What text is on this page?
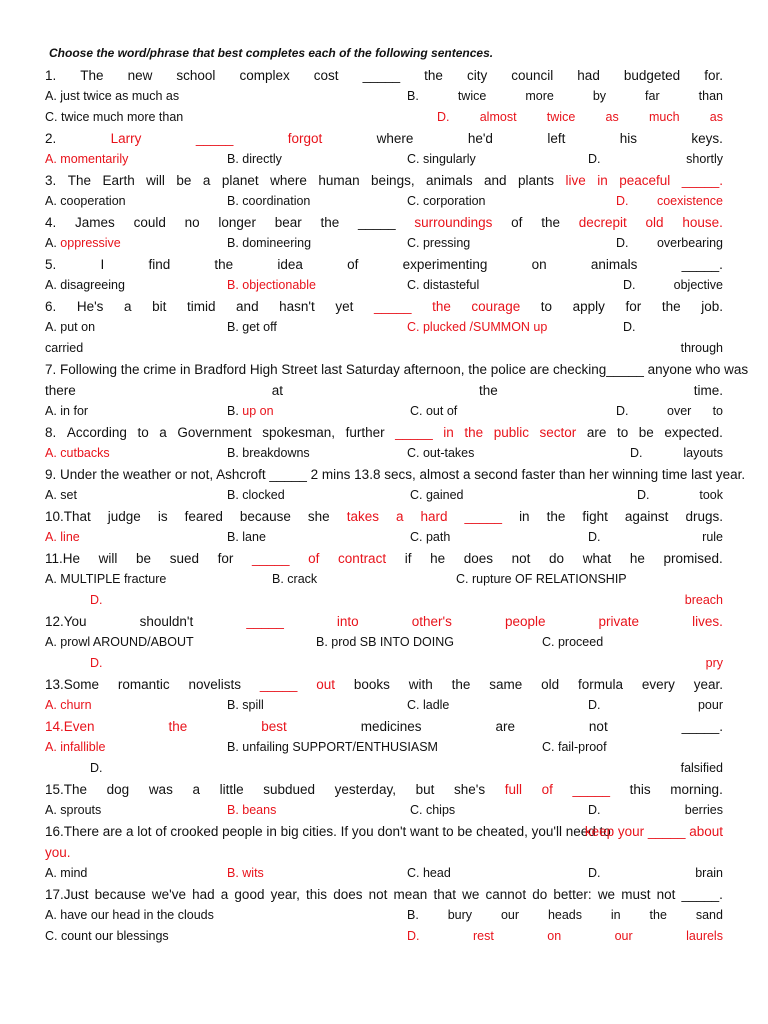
Choose the word/phrase that best completes each of the following sentences.
1. The new school complex cost _____ the city council had budgeted for.
A. just twice as much as	B.	twice	more	by	far	than
C. twice much more than	D. almost twice as much as
2.	Larry	_____	forgot	where	he'd	left	his	keys.
A. momentarily	B. directly	C. singularly	D.	shortly
3. The Earth will be a planet where human beings, animals and plants live in peaceful _____.
A. cooperation	B. coordination	C. corporation	D. coexistence
4. James could no longer bear the _____ surroundings of the decrepit old house.
A. oppressive	B. domineering	C. pressing	D. overbearing
5.	I	find	the	idea	of	experimenting	on	animals	_____.
A. disagreeing	B. objectionable	C. distasteful	D.	objective
6. He's a bit timid and hasn't yet _____ the courage to apply for the job.
A. put on	B. get off	C. plucked /SUMMON up	D.
carried	through
7. Following the crime in Bradford High Street last Saturday afternoon, the police are checking_____ anyone who was
there	at	the	time.
A. in for	B. up on	C. out of	D.	over to
8. According to a Government spokesman, further _____ in the public sector are to be expected.
A. cutbacks	B. breakdowns	C. out-takes	D.	layouts
9. Under the weather or not, Ashcroft _____ 2 mins 13.8 secs, almost a second faster than her winning time last year.
A. set	B. clocked	C. gained	D.	took
10.That judge is feared because she takes a hard _____ in the fight against drugs.
A. line	B. lane	C. path	D.	rule
11.He will be sued for _____ of contract if he does not do what he promised.
A. MULTIPLE fracture	B. crack	C. rupture OF RELATIONSHIP
D.	breach
12.You	shouldn't	_____	into	other's	people	private	lives.
A. prowl AROUND/ABOUT	B. prod SB INTO DOING	C. proceed
D.	pry
13.Some romantic novelists _____ out books with the same old formula every year.
A. churn	B. spill	C. ladle	D.	pour
14.Even	the	best	medicines	are	not	_____.
A. infallible	B. unfailing SUPPORT/ENTHUSIASM	C. fail-proof
D.	falsified
15.The dog was a little subdued yesterday, but she's full of _____ this morning.
A. sprouts	B. beans	C. chips	D.	berries
16.There are a lot of crooked people in big cities. If you don't want to be cheated, you'll need to
keep your _____ about
you.
A. mind	B. wits	C. head	D.	brain
17.Just because we've had a good year, this does not mean that we cannot do better: we must not _____.
A. have our head in the clouds	B. bury our heads in the sand
C. count our blessings	D.	rest	on	our	laurels
